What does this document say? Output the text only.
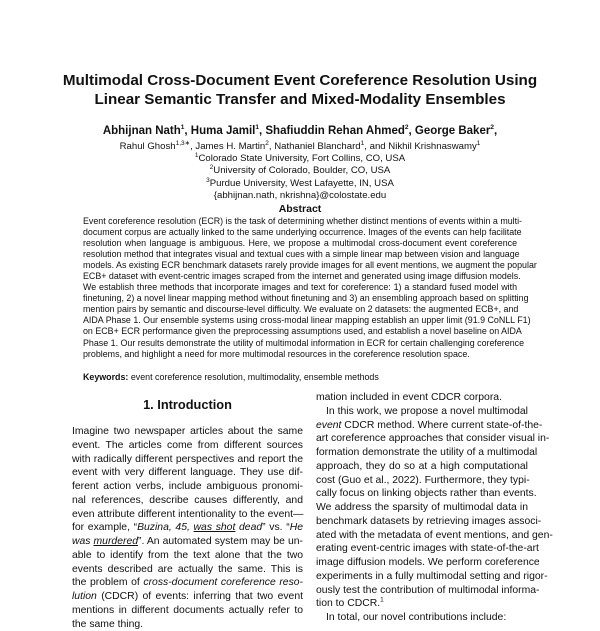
Multimodal Cross-Document Event Coreference Resolution Using
Linear Semantic Transfer and Mixed-Modality Ensembles
Abhijnan Nath$^1$, Huma Jamil$^1$, Shafiuddin Rehan Ahmed$^2$, George Baker$^2$,
Rahul Ghosh$^{1,3∗}$, James H. Martin$^2$, Nathaniel Blanchard$^1$, and Nikhil Krishnaswamy$^1$
$^1$Colorado State University, Fort Collins, CO, USA
$^2$University of Colorado, Boulder, CO, USA
$^3$Purdue University, West Lafayette, IN, USA
{abhijnan.nath, nkrishna}@colostate.edu
Abstract
Event coreference resolution (ECR) is the task of determining whether distinct mentions of events within a multi-
document corpus are actually linked to the same underlying occurrence. Images of the events can help facilitate
resolution when language is ambiguous. Here, we propose a multimodal cross-document event coreference
resolution method that integrates visual and textual cues with a simple linear map between vision and language
models. As existing ECR benchmark datasets rarely provide images for all event mentions, we augment the popular
ECB+ dataset with event-centric images scraped from the internet and generated using image diffusion models.
We establish three methods that incorporate images and text for coreference: 1) a standard fused model with
finetuning, 2) a novel linear mapping method without finetuning and 3) an ensembling approach based on splitting
mention pairs by semantic and discourse-level difficulty. We evaluate on 2 datasets: the augmented ECB+, and
AIDA Phase 1. Our ensemble systems using cross-modal linear mapping establish an upper limit (91.9 CoNLL F1)
on ECB+ ECR performance given the preprocessing assumptions used, and establish a novel baseline on AIDA
Phase 1. Our results demonstrate the utility of multimodal information in ECR for certain challenging coreference
problems, and highlight a need for more multimodal resources in the coreference resolution space.
Keywords: event coreference resolution, multimodality, ensemble methods
1. Introduction
Imagine two newspaper articles about the same
event. The articles come from different sources
with radically different perspectives and report the
event with very different language. They use dif-
ferent action verbs, include ambiguous pronomi-
nal references, describe causes differently, and
even attribute different intentionality to the event—
for example, “Buzina, 45, was shot dead” vs. “He
was murdered”. An automated system may be un-
able to identify from the text alone that the two
events described are actually the same. This is
the problem of cross-document coreference reso-
lution (CDCR) of events: inferring that two event
mentions in different documents actually refer to
the same thing.
mation included in event CDCR corpora.
In this work, we propose a novel multimodal
event CDCR method. Where current state-of-the-
art coreference approaches that consider visual in-
formation demonstrate the utility of a multimodal
approach, they do so at a high computational
cost (Guo et al., 2022). Furthermore, they typi-
cally focus on linking objects rather than events.
We address the sparsity of multimodal data in
benchmark datasets by retrieving images associ-
ated with the metadata of event mentions, and gen-
erating event-centric images with state-of-the-art
image diffusion models. We perform coreference
experiments in a fully multimodal setting and rigor-
ously test the contribution of multimodal informa-
tion to CDCR.$^1$
In total, our novel contributions include:
